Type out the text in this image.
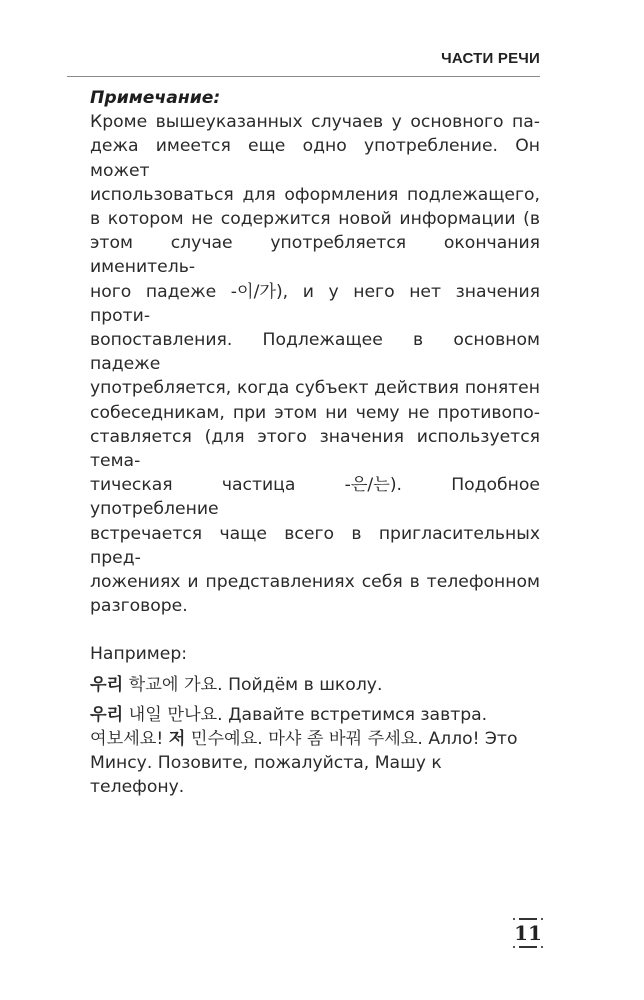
ЧАСТИ РЕЧИ

Примечание:

Кроме вышеуказанных случаев у основного па-
дежа имеется еще одно употребление. Он может
использоваться для оформления подлежащего,
в котором не содержится новой информации (в
этом случае употребляется окончания именитель-
ного падеже -이/가), и у него нет значения проти-
вопоставления. Подлежащее в основном падеже
употребляется, когда субъект действия понятен
собеседникам, при этом ни чему не противопо-
ставляется (для этого значения используется тема-
тическая частица -은/는). Подобное употребление
встречается чаще всего в пригласительных пред-
ложениях и представлениях себя в телефонном
разговоре.

Например:

우리 학교에 가요. Пойдём в школу.

우리 내일 만나요. Давайте встретимся завтра.

여보세요! 저 민수예요. 마샤 좀 바꿔 주세요. Алло! Это Минсу. Позовите, пожалуйста, Машу к телефону.

11
